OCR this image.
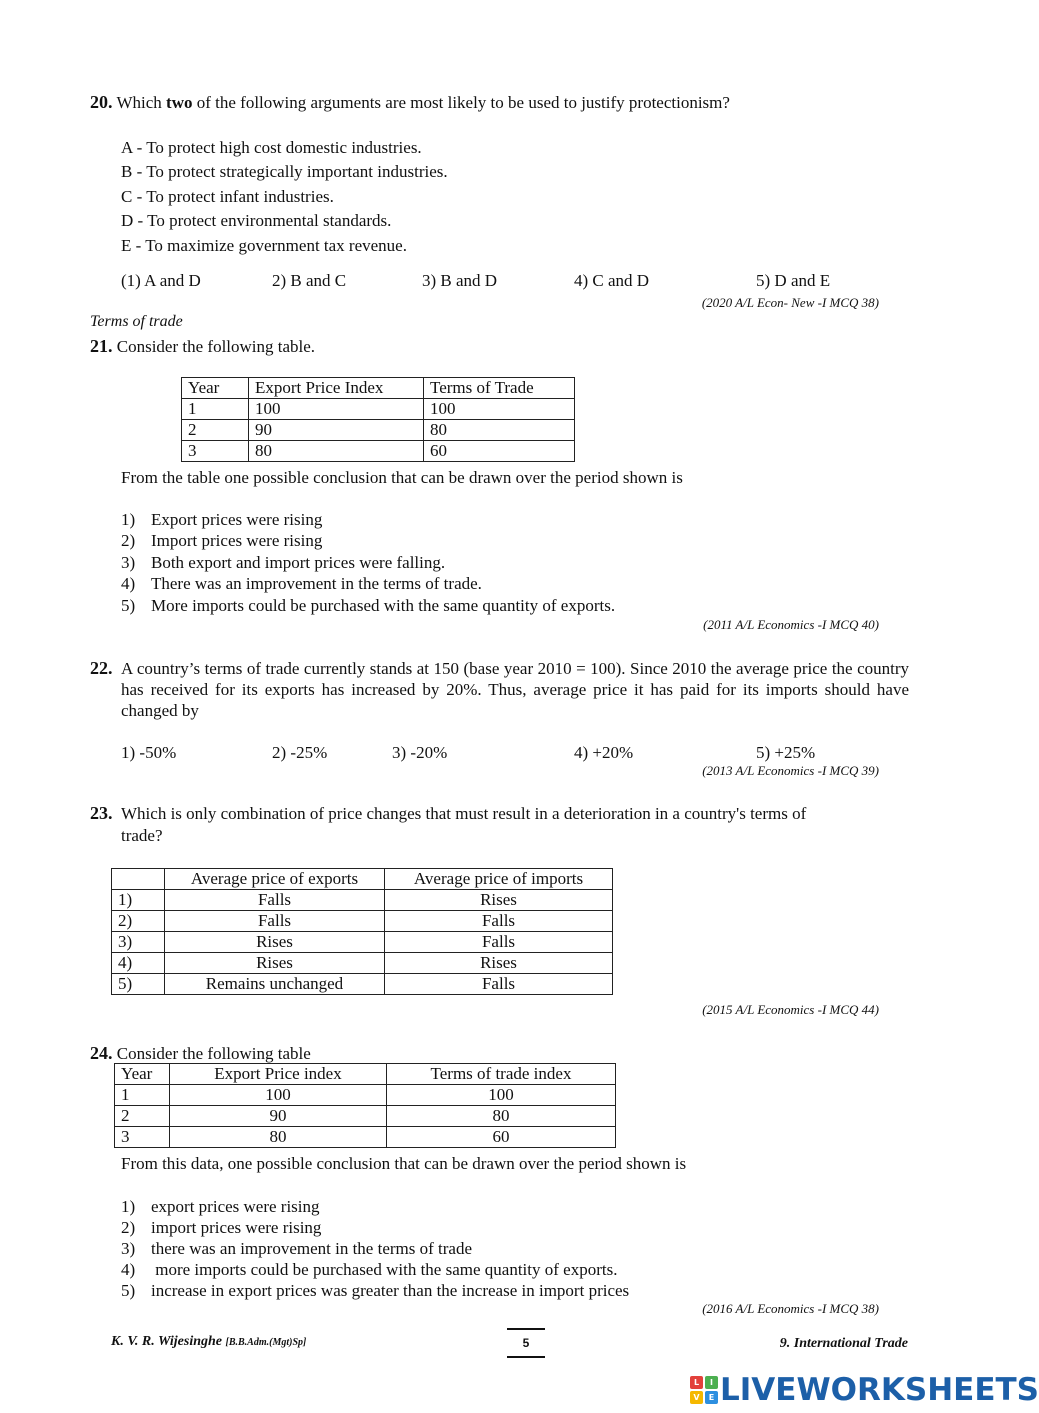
20. Which two of the following arguments are most likely to be used to justify protectionism?
A - To protect high cost domestic industries.
B - To protect strategically important industries.
C - To protect infant industries.
D - To protect environmental standards.
E - To maximize government tax revenue.
(1) A and D	2) B and C	3) B and D	4) C and D	5) D and E
(2020 A/L Econ- New -I MCQ 38)
Terms of trade
21. Consider the following table.
Year	Export Price Index	Terms of Trade
1	100	100
2	90	80
3	80	60
From the table one possible conclusion that can be drawn over the period shown is
1) Export prices were rising
2) Import prices were rising
3) Both export and import prices were falling.
4) There was an improvement in the terms of trade.
5) More imports could be purchased with the same quantity of exports.
(2011 A/L Economics -I MCQ 40)
22. A country’s terms of trade currently stands at 150 (base year 2010 = 100). Since 2010 the average price the country has received for its exports has increased by 20%. Thus, average price it has paid for its imports should have changed by
1) -50%	2) -25%	3) -20%	4) +20%	5) +25%
(2013 A/L Economics -I MCQ 39)
23. Which is only combination of price changes that must result in a deterioration in a country's terms of
trade?
	Average price of exports	Average price of imports
1)	Falls	Rises
2)	Falls	Falls
3)	Rises	Falls
4)	Rises	Rises
5)	Remains unchanged	Falls
(2015 A/L Economics -I MCQ 44)
24. Consider the following table
Year	Export Price index	Terms of trade index
1	100	100
2	90	80
3	80	60
From this data, one possible conclusion that can be drawn over the period shown is
1) export prices were rising
2) import prices were rising
3) there was an improvement in the terms of trade
4) more imports could be purchased with the same quantity of exports.
5) increase in export prices was greater than the increase in import prices
(2016 A/L Economics -I MCQ 38)
K. V. R. Wijesinghe [B.B.Adm.(Mgt)Sp]	5	9. International Trade
L	I
V	E LIVEWORKSHEETS
